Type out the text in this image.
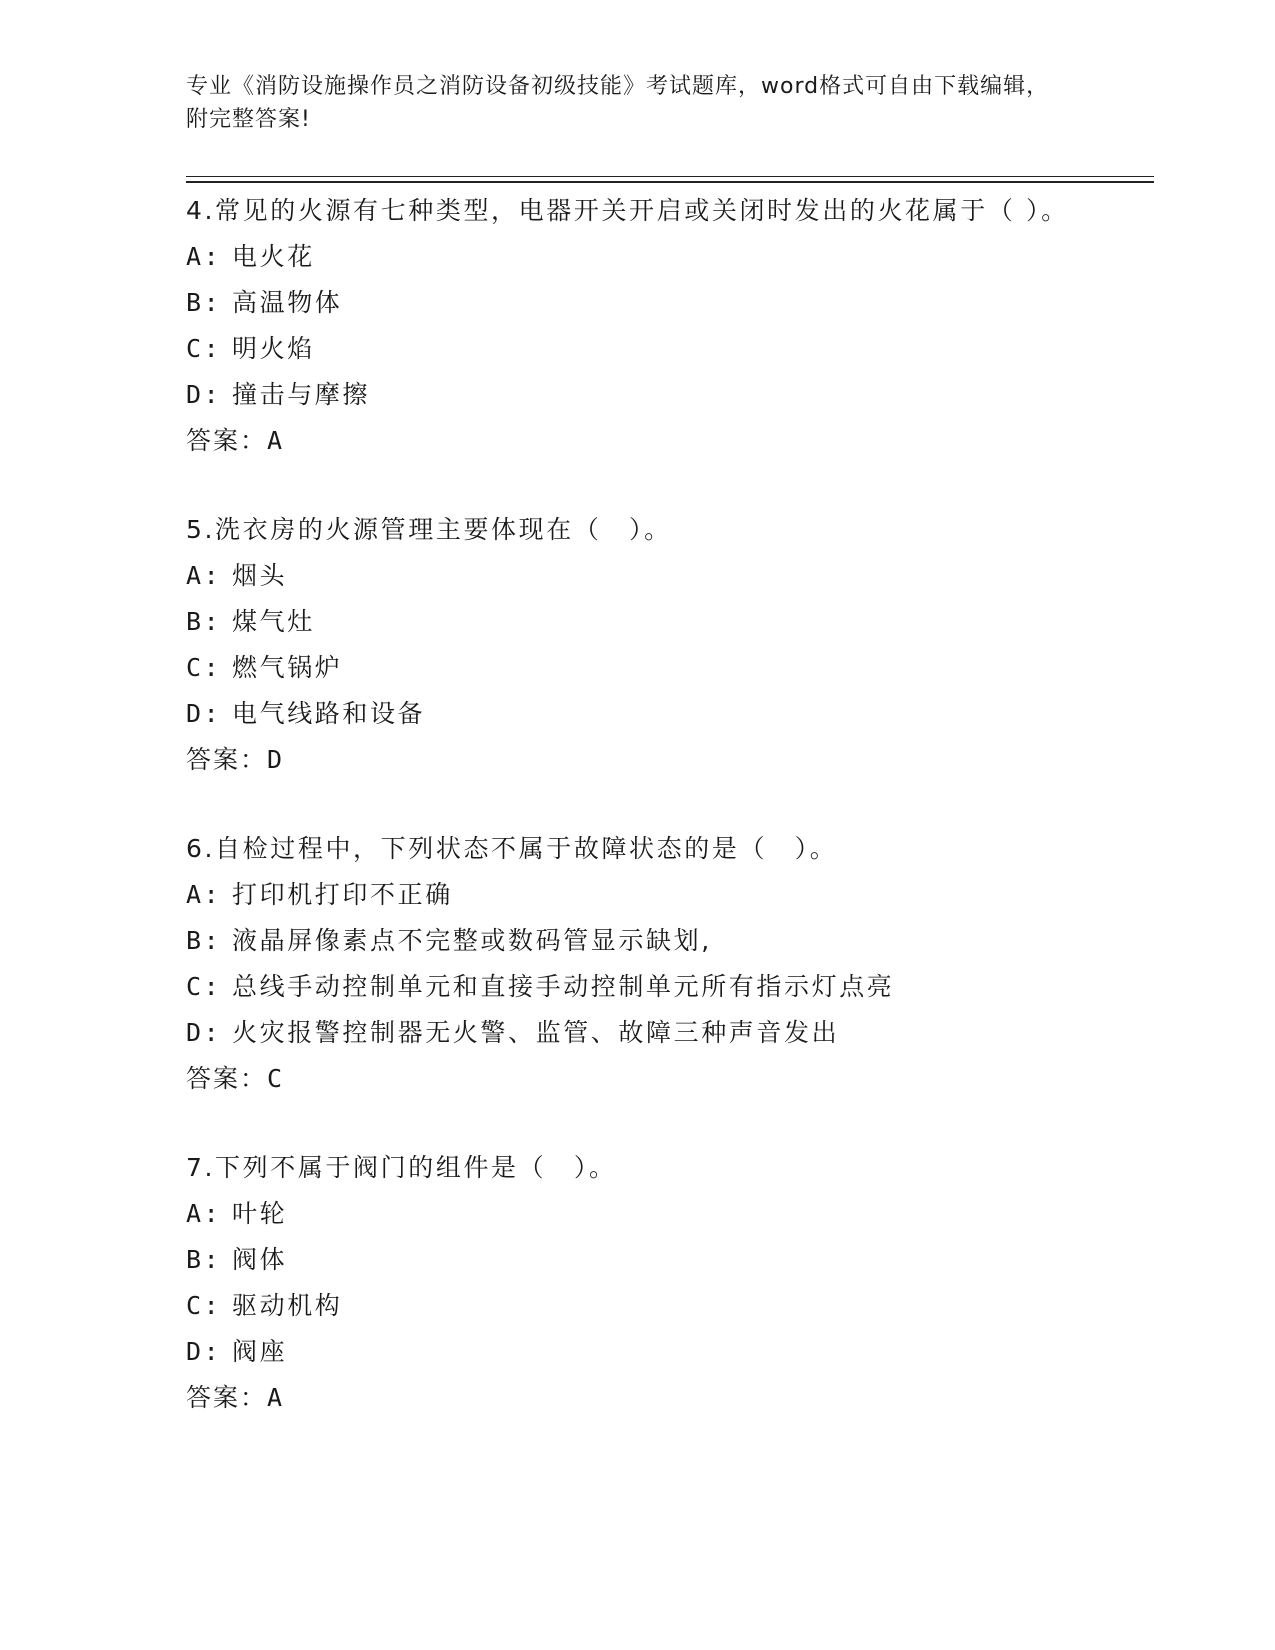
专业《消防设施操作员之消防设备初级技能》考试题库，word格式可自由下载编辑，附完整答案!
4.常见的火源有七种类型，电器开关开启或关闭时发出的火花属于（ ）。
A: 电火花
B: 高温物体
C: 明火焰
D: 撞击与摩擦
答案：A
5.洗衣房的火源管理主要体现在（　）。
A: 烟头
B: 煤气灶
C: 燃气锅炉
D: 电气线路和设备
答案：D
6.自检过程中，下列状态不属于故障状态的是（　）。
A: 打印机打印不正确
B: 液晶屏像素点不完整或数码管显示缺划,
C: 总线手动控制单元和直接手动控制单元所有指示灯点亮
D: 火灾报警控制器无火警、监管、故障三种声音发出
答案：C
7.下列不属于阀门的组件是（　）。
A: 叶轮
B: 阀体
C: 驱动机构
D: 阀座
答案：A
